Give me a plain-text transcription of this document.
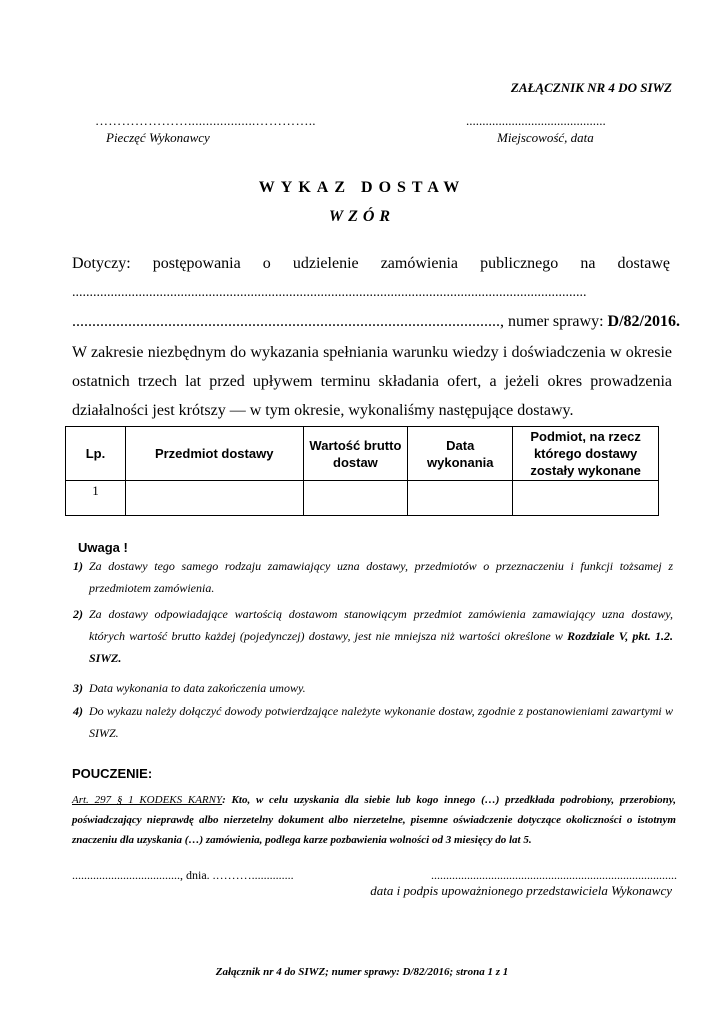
ZAŁĄCZNIK NR 4 DO SIWZ
…………………...................…………..	...........................................
Pieczęć Wykonawcy	Miejscowość, data
WYKAZ DOSTAW
WZÓR
Dotyczy: postępowania o udzielenie zamówienia publicznego na dostawę
...................................................................................................................................................
..........................................................................................................., numer sprawy: D/82/2016.
W zakresie niezbędnym do wykazania spełniania warunku wiedzy i doświadczenia w okresie ostatnich trzech lat przed upływem terminu składania ofert, a jeżeli okres prowadzenia działalności jest krótszy — w tym okresie, wykonaliśmy następujące dostawy.
Lp.	Przedmiot dostawy	Wartość brutto dostaw	Data wykonania	Podmiot, na rzecz którego dostawy zostały wykonane
1				
Uwaga !
1) Za dostawy tego samego rodzaju zamawiający uzna dostawy, przedmiotów o przeznaczeniu i funkcji tożsamej z przedmiotem zamówienia.
2) Za dostawy odpowiadające wartością dostawom stanowiącym przedmiot zamówienia zamawiający uzna dostawy, których wartość brutto każdej (pojedynczej) dostawy, jest nie mniejsza niż wartości określone w Rozdziale V, pkt. 1.2. SIWZ.
3) Data wykonania to data zakończenia umowy.
4) Do wykazu należy dołączyć dowody potwierdzające należyte wykonanie dostaw, zgodnie z postanowieniami zawartymi w SIWZ.
POUCZENIE:
Art. 297 § 1 KODEKS KARNY: Kto, w celu uzyskania dla siebie lub kogo innego (…) przedkłada podrobiony, przerobiony, poświadczający nieprawdę albo nierzetelny dokument albo nierzetelne, pisemne oświadczenie dotyczące okoliczności o istotnym znaczeniu dla uzyskania (…) zamówienia, podlega karze pozbawienia wolności od 3 miesięcy do lat 5.
...................................., dnia. .………..............	..................................................................................
data i podpis upoważnionego przedstawiciela Wykonawcy
Załącznik nr 4 do SIWZ; numer sprawy: D/82/2016; strona 1 z 1
